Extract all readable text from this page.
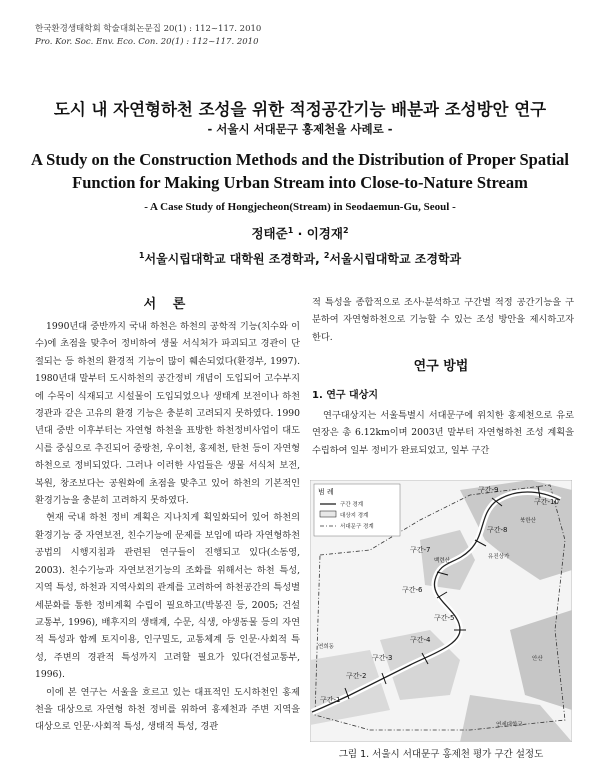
한국환경생태학회 학술대회논문집 20(1) : 112~117. 2010
Pro. Kor. Soc. Env. Eco. Con. 20(1) : 112~117. 2010
도시 내 자연형하천 조성을 위한 적정공간기능 배분과 조성방안 연구
- 서울시 서대문구 홍제천을 사례로 -
A Study on the Construction Methods and the Distribution of Proper Spatial
Function for Making Urban Stream into Close-to-Nature Stream
- A Case Study of Hongjecheon(Stream) in Seodaemun-Gu, Seoul -
정태준$^1$ · 이경재$^2$
$^1$서울시립대학교 대학원 조경학과, $^2$서울시립대학교 조경학과
서 론

1990년대 중반까지 국내 하천은 하천의 공학적 기능(치수와 이수)에 초점을 맞추어 정비하여 생물 서식처가 파괴되고 경관이 단절되는 등 하천의 환경적 기능이 많이 훼손되었다(환경부, 1997). 1980년대 말부터 도시하천의 공간정비 개념이 도입되어 고수부지에 수목이 식재되고 시설물이 도입되었으나 생태계 보전이나 하천경관과 같은 고유의 환경 기능은 충분히 고려되지 못하였다. 1990년대 중반 이후부터는 자연형 하천을 표방한 하천정비사업이 대도시를 중심으로 추진되어 중랑천, 우이천, 홍제천, 탄천 등이 자연형 하천으로 정비되었다. 그러나 이러한 사업들은 생물 서식처 보전, 복원, 창조보다는 공원화에 초점을 맞추고 있어 하천의 기본적인 환경기능을 충분히 고려하지 못하였다.

현재 국내 하천 정비 계획은 지나치게 획일화되어 있어 하천의 환경기능 중 자연보전, 친수기능에 문제를 보임에 따라 자연형하천공법의 시행지침과 관련된 연구들이 진행되고 있다(소동영, 2003). 친수기능과 자연보전기능의 조화를 위해서는 하천 특성, 지역 특성, 하천과 지역사회의 관계를 고려하여 하천공간의 특성별 세분화를 통한 정비계획 수립이 필요하고(박봉진 등, 2005; 건설교통부, 1996), 배후지의 생태계, 수문, 식생, 야생동물 등의 자연적 특성과 함께 토지이용, 인구밀도, 교통체계 등 인문·사회적 특성, 주변의 경관적 특성까지 고려할 필요가 있다(건설교통부, 1996).

이에 본 연구는 서울을 흐르고 있는 대표적인 도시하천인 홍제천을 대상으로 자연형 하천 정비를 위하여 홍제천과 주변 지역을 대상으로 인문·사회적 특성, 생태적 특성, 경관

적 특성을 종합적으로 조사·분석하고 구간별 적정 공간기능을 구분하여 자연형하천으로 기능할 수 있는 조성 방안을 제시하고자 한다.

연구 방법
1. 연구 대상지

연구대상지는 서울특별시 서대문구에 위치한 홍제천으로 유로연장은 총 6.12km이며 2003년 말부터 자연형하천 조성 계획을 수립하여 일부 정비가 완료되었고, 일부 구간

범 례
구간 경계
대상지 경계
서대문구 경계
구간-10
구간-9
구간-8
구간-7
구간-6
구간-5
구간-4
구간-3
구간-2
구간-1
북한산
유진상가
백련산
안산
연희동
연세대학교
그림 1. 서울시 서대문구 홍제천 평가 구간 설정도
